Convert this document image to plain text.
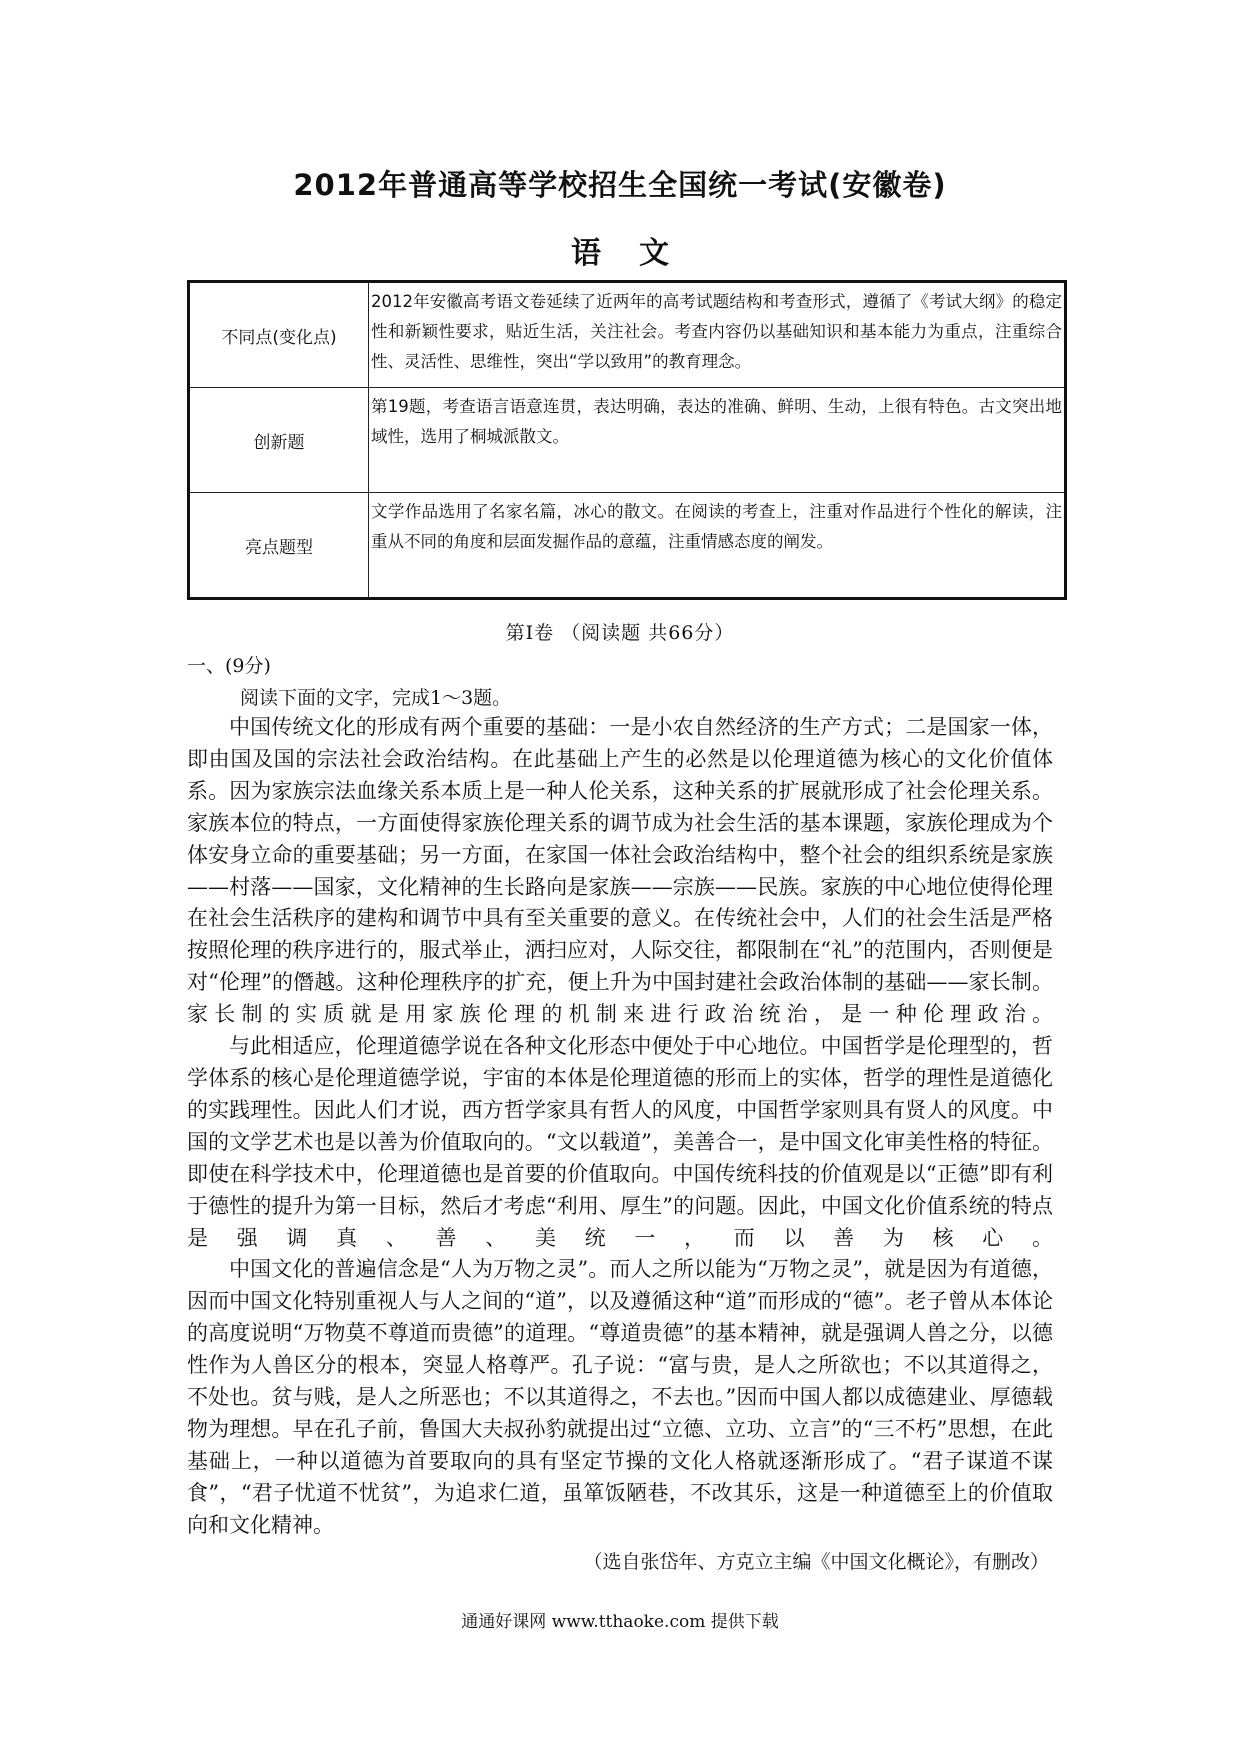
2012年普通高等学校招生全国统一考试(安徽卷)
语文
不同点(变化点)	2012年安徽高考语文卷延续了近两年的高考试题结构和考查形式，遵循了《考试大纲》的稳定性和新颖性要求，贴近生活，关注社会。考查内容仍以基础知识和基本能力为重点，注重综合性、灵活性、思维性，突出“学以致用”的教育理念。
创新题	第19题，考查语言语意连贯，表达明确，表达的准确、鲜明、生动，上很有特色。古文突出地域性，选用了桐城派散文。
亮点题型	文学作品选用了名家名篇，冰心的散文。在阅读的考查上，注重对作品进行个性化的解读，注重从不同的角度和层面发掘作品的意蕴，注重情感态度的阐发。
第Ⅰ卷 （阅读题 共66分）
一、(9分)
阅读下面的文字，完成1～3题。

中国传统文化的形成有两个重要的基础：一是小农自然经济的生产方式；二是国家一体，即由国及国的宗法社会政治结构。在此基础上产生的必然是以伦理道德为核心的文化价值体系。因为家族宗法血缘关系本质上是一种人伦关系，这种关系的扩展就形成了社会伦理关系。家族本位的特点，一方面使得家族伦理关系的调节成为社会生活的基本课题，家族伦理成为个体安身立命的重要基础；另一方面，在家国一体社会政治结构中，整个社会的组织系统是家族——村落——国家，文化精神的生长路向是家族——宗族——民族。家族的中心地位使得伦理在社会生活秩序的建构和调节中具有至关重要的意义。在传统社会中，人们的社会生活是严格按照伦理的秩序进行的，服式举止，洒扫应对，人际交往，都限制在“礼”的范围内，否则便是对“伦理”的僭越。这种伦理秩序的扩充，便上升为中国封建社会政治体制的基础——家长制。家长制的实质就是用家族伦理的机制来进行政治统治，是一种伦理政治。

与此相适应，伦理道德学说在各种文化形态中便处于中心地位。中国哲学是伦理型的，哲学体系的核心是伦理道德学说，宇宙的本体是伦理道德的形而上的实体，哲学的理性是道德化的实践理性。因此人们才说，西方哲学家具有哲人的风度，中国哲学家则具有贤人的风度。中国的文学艺术也是以善为价值取向的。“文以载道”，美善合一，是中国文化审美性格的特征。即使在科学技术中，伦理道德也是首要的价值取向。中国传统科技的价值观是以“正德”即有利于德性的提升为第一目标，然后才考虑“利用、厚生”的问题。因此，中国文化价值系统的特点是强调真、善、美统一，而以善为核心。

中国文化的普遍信念是“人为万物之灵”。而人之所以能为“万物之灵”，就是因为有道德，因而中国文化特别重视人与人之间的“道”，以及遵循这种“道”而形成的“德”。老子曾从本体论的高度说明“万物莫不尊道而贵德”的道理。“尊道贵德”的基本精神，就是强调人兽之分，以德性作为人兽区分的根本，突显人格尊严。孔子说：“富与贵，是人之所欲也；不以其道得之，不处也。贫与贱，是人之所恶也；不以其道得之，不去也。”因而中国人都以成德建业、厚德载物为理想。早在孔子前，鲁国大夫叔孙豹就提出过“立德、立功、立言”的“三不朽”思想，在此基础上，一种以道德为首要取向的具有坚定节操的文化人格就逐渐形成了。“君子谋道不谋食”，“君子忧道不忧贫”，为追求仁道，虽箪饭陋巷，不改其乐，这是一种道德至上的价值取向和文化精神。

（选自张岱年、方克立主编《中国文化概论》，有删改）
通通好课网 www.tthaoke.com 提供下载
